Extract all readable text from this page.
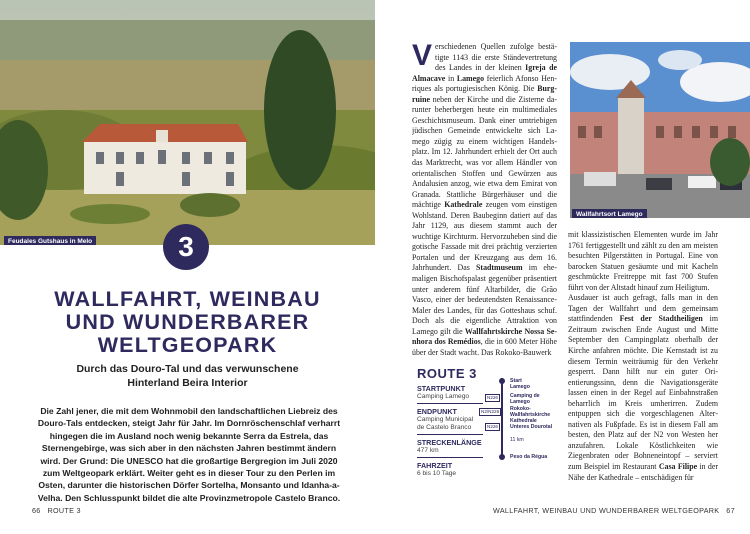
Feudales Gutshaus in Melo	3
WALLFAHRT, WEINBAU
UND WUNDERBARER
WELTGEOPARK
Durch das Douro-Tal und das verwunschene
Hinterland Beira Interior
Die Zahl jener, die mit dem Wohnmobil den landschaftlichen Liebreiz des Douro-Tals entdecken, steigt Jahr für Jahr. Im Dornröschenschlaf verharrt hingegen die im Ausland noch wenig bekannte Serra da Estrela, das Sternengebirge, was sich aber in den nächsten Jahren bestimmt ändern wird. Der Grund: Die UNESCO hat die großartige Bergregion im Juli 2020 zum Weltgeopark erklärt. Weiter geht es in dieser Tour zu den Perlen im Osten, darunter die historischen Dörfer Sortelha, Monsanto und Idanha-a-Velha. Den Schlusspunkt bildet die alte Provinzmetropole Castelo Branco.
66 ROUTE 3
Verschiedenen Quellen zufolge bestätigte 1143 die erste Ständevertretung des Landes in der kleinen Igreja de Almacave in Lamego feierlich Afonso Henriques als portugiesischen König. Die Burgruine neben der Kirche und die Zisterne darunter beherbergen heute ein multimediales Geschichtsmuseum. Dank einer umtriebigen jüdischen Gemeinde entwickelte sich Lamego zügig zu einem wichtigen Handelsplatz. Im 12. Jahrhundert erhielt der Ort auch das Marktrecht, was vor allem Händler von orientalischen Stoffen und Gewürzen aus Andalusien anzog, wie etwa dem Emirat von Granada. Stattliche Bürgerhäuser und die mächtige Kathedrale zeugen vom einstigen Wohlstand. Deren Baubeginn datiert auf das Jahr 1129, aus diesem stammt auch der wuchtige Kirchturm. Hervorzuheben sind die gotische Fassade mit drei prächtig verzierten Portalen und der Kreuzgang aus dem 16. Jahrhundert. Das Stadtmuseum im ehemaligen Bischofspalast gegenüber präsentiert unter anderem fünf Altarbilder, die Grão Vasco, einer der bedeutendsten Renaissance-Maler des Landes, für das Gotteshaus schuf. Doch als die eigentliche Attraktion von Lamego gilt die Wallfahrtskirche Nossa Senhora dos Remédios, die in 600 Meter Höhe über der Stadt wacht. Das Rokoko-Bauwerk
ROUTE 3
STARTPUNKT
Camping Lamego
ENDPUNKT
Camping Municipal
de Castelo Branco
STRECKENLÄNGE
477 km
FAHRZEIT
6 bis 10 Tage
Start
Lamego
N226	Camping de Lamego
N2/N226	Rokoko-Wallfahrtskirche
Kathedrale
N226	Unteres Dourotal
11 km
Peso da Régua
Wallfahrtsort Lamego
mit klassizistischen Elementen wurde im Jahr 1761 fertiggestellt und zählt zu den am meisten besuchten Pilgerstätten in Portugal. Eine von barocken Statuen gesäumte und mit Kacheln geschmückte Freitreppe mit fast 700 Stufen führt von der Altstadt hinauf zum Heiligtum.
Ausdauer ist auch gefragt, falls man in den Tagen der Wallfahrt und dem gemeinsam stattfindenden Fest der Stadtheiligen im Zeitraum zwischen Ende August und Mitte September den Campingplatz oberhalb der Kirche anfahren möchte. Die Kernstadt ist zu diesem Termin weiträumig für den Verkehr gesperrt. Dann hilft nur ein guter Orientierungssinn, denn die Navigationsgeräte lassen einen in der Regel auf Einbahnstraßen beharrlich im Kreis umherirren. Zudem entpuppen sich die vorgeschlagenen Alternativen als Fußpfade. Es ist in diesem Fall am besten, den Platz auf der N2 von Westen her anzufahren. Lokale Köstlichkeiten wie Ziegenbraten oder Bohneneintopf – serviert zum Beispiel im Restaurant Casa Filipe in der Nähe der Kathedrale – entschädigen für
WALLFAHRT, WEINBAU UND WUNDERBARER WELTGEOPARK 67
